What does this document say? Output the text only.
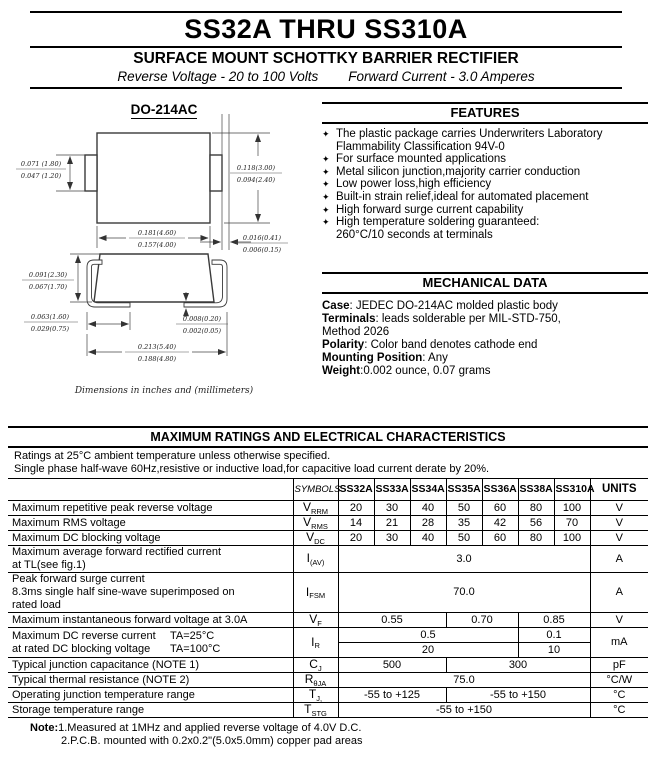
SS32A THRU SS310A
SURFACE MOUNT SCHOTTKY BARRIER RECTIFIER
Reverse Voltage - 20 to 100 Volts Forward Current - 3.0 Amperes
DO-214AC
0.071 (1.80)
0.047 (1.20)
0.118(3.00)
0.094(2.40)
0.181(4.60)
0.157(4.00)
0.016(0.41)
0.006(0.15)
0.091(2.30)
0.067(1.70)
0.063(1.60)
0.029(0.75)
0.008(0.20)
0.002(0.05)
0.213(5.40)
0.188(4.80)
Dimensions in inches and (millimeters)
FEATURES
✦ The plastic package carries Underwriters Laboratory
Flammability Classification 94V-0
✦ For surface mounted applications
✦ Metal silicon junction,majority carrier conduction
✦ Low power loss,high efficiency
✦ Built-in strain relief,ideal for automated placement
✦ High forward surge current capability
✦ High temperature soldering guaranteed:
260°C/10 seconds at terminals
MECHANICAL DATA
Case: JEDEC DO-214AC molded plastic body
Terminals: leads solderable per MIL-STD-750,
Method 2026
Polarity: Color band denotes cathode end
Mounting Position: Any
Weight:0.002 ounce, 0.07 grams
MAXIMUM RATINGS AND ELECTRICAL CHARACTERISTICS
Ratings at 25°C ambient temperature unless otherwise specified.
Single phase half-wave 60Hz,resistive or inductive load,for capacitive load current derate by 20%.
	SYMBOLS	SS32A	SS33A	SS34A	SS35A	SS36A	SS38A	SS310A	UNITS
Maximum repetitive peak reverse voltage	$V_{RRM}$	20	30	40	50	60	80	100	V
Maximum RMS voltage	$V_{RMS}$	14	21	28	35	42	56	70	V
Maximum DC blocking voltage	$V_{DC}$	20	30	40	50	60	80	100	V

Maximum average forward rectified current
at TL(see fig.1)	$I_{(AV)}$	3.0							A

Peak forward surge current
8.3ms single half sine-wave superimposed on
rated load	$I_{FSM}$	70.0							A
Maximum instantaneous forward voltage at 3.0A	$V_F$	0.55			0.70		0.85		V

Maximum DC reverse current TA=25°C
at rated DC blocking voltage TA=100°C	$I_R$	0.5					0.1		mA
		20					10		
Typical junction capacitance (NOTE 1)	$C_J$	500			300				pF
Typical thermal resistance (NOTE 2)	$R_{\theta JA}$	75.0							°C/W
Operating junction temperature range	$T_{J,}$	-55 to +125			-55 to +150				°C
Storage temperature range	$T_{STG}$	-55 to +150							°C
Note:1.Measured at 1MHz and applied reverse voltage of 4.0V D.C.
2.P.C.B. mounted with 0.2x0.2"(5.0x5.0mm) copper pad areas
